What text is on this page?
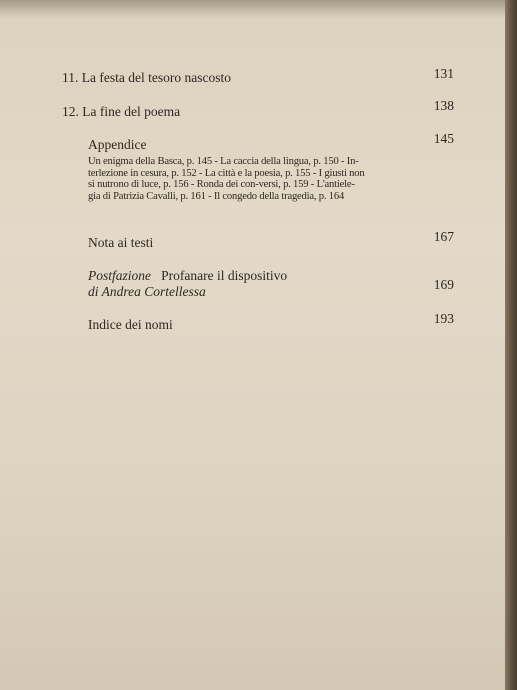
11. La festa del tesoro nascosto	131
12. La fine del poema	138
Appendice	145
Un enigma della Basca, p. 145 - La caccia della lingua, p. 150 - In-
terlezione in cesura, p. 152 - La città e la poesia, p. 155 - I giusti non
si nutrono di luce, p. 156 - Ronda dei con-versi, p. 159 - L'antiele-
gia di Patrizia Cavalli, p. 161 - Il congedo della tragedia, p. 164
Nota ai testi	167
Postfazione Profanare il dispositivo
di Andrea Cortellessa	169
Indice dei nomi	193
